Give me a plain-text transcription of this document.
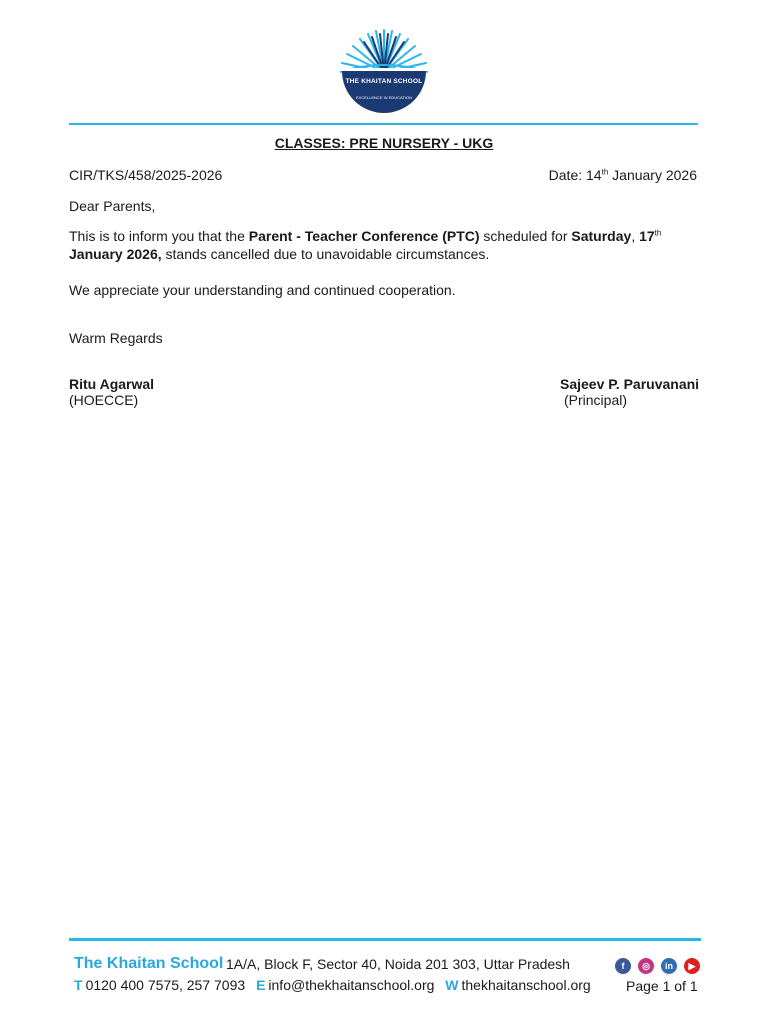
THE KHAITAN SCHOOL
EXCELLENCE IN EDUCATION
CLASSES: PRE NURSERY - UKG
CIR/TKS/458/2025-2026	Date: 14th January 2026
Dear Parents,
This is to inform you that the Parent - Teacher Conference (PTC) scheduled for Saturday, 17th
January 2026, stands cancelled due to unavoidable circumstances.
We appreciate your understanding and continued cooperation.
Warm Regards
Ritu Agarwal
(HOECCE)
Sajeev P. Paruvanani
(Principal)
The Khaitan School 1A/A, Block F, Sector 40, Noida 201 303, Uttar Pradesh
T 0120 400 7575, 257 7093 E info@thekhaitanschool.org W thekhaitanschool.org
f	◎	in	▶
Page 1 of 1
